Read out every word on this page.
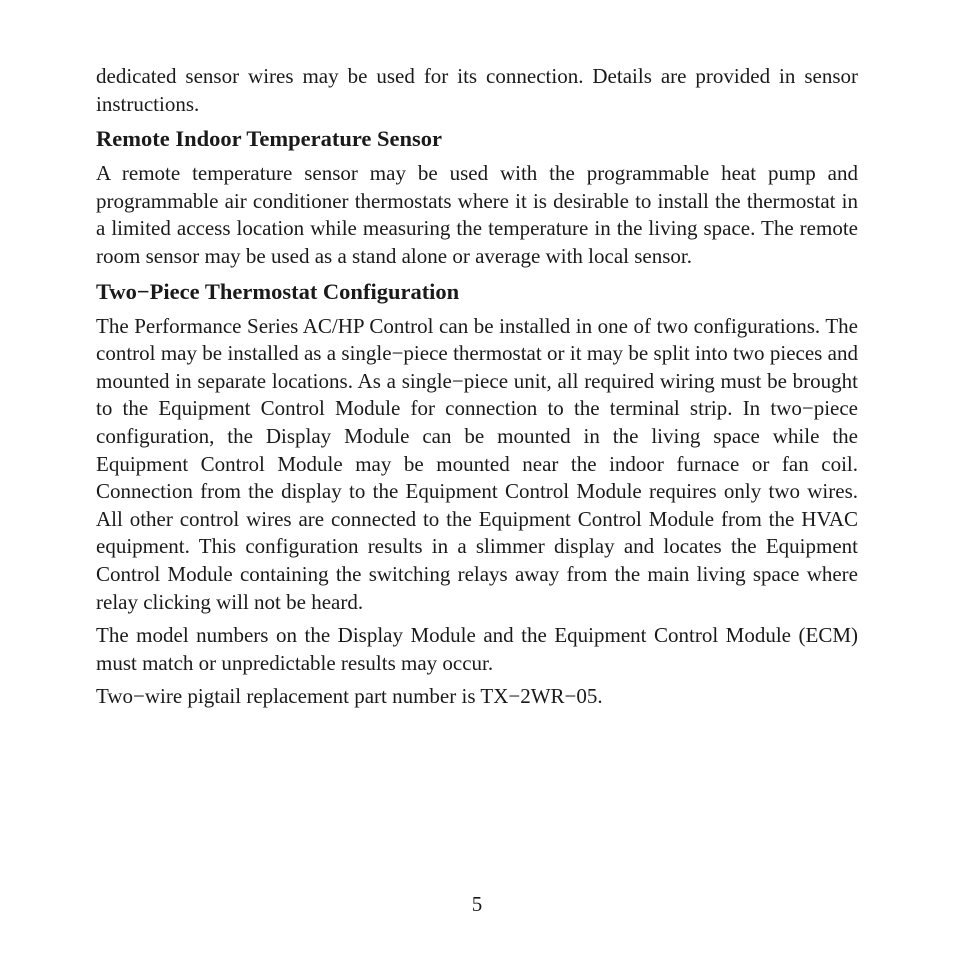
dedicated sensor wires may be used for its connection. Details are provided in sensor instructions.

Remote Indoor Temperature Sensor

A remote temperature sensor may be used with the programmable heat pump and programmable air conditioner thermostats where it is desirable to install the thermostat in a limited access location while measuring the temperature in the living space. The remote room sensor may be used as a stand alone or average with local sensor.

Two−Piece Thermostat Configuration

The Performance Series AC/HP Control can be installed in one of two configurations. The control may be installed as a single−piece thermostat or it may be split into two pieces and mounted in separate locations. As a single−piece unit, all required wiring must be brought to the Equipment Control Module for connection to the terminal strip. In two−piece configuration, the Display Module can be mounted in the living space while the Equipment Control Module may be mounted near the indoor furnace or fan coil. Connection from the display to the Equipment Control Module requires only two wires. All other control wires are connected to the Equipment Control Module from the HVAC equipment. This configuration results in a slimmer display and locates the Equipment Control Module containing the switching relays away from the main living space where relay clicking will not be heard.

The model numbers on the Display Module and the Equipment Control Module (ECM) must match or unpredictable results may occur.

Two−wire pigtail replacement part number is TX−2WR−05.

5
